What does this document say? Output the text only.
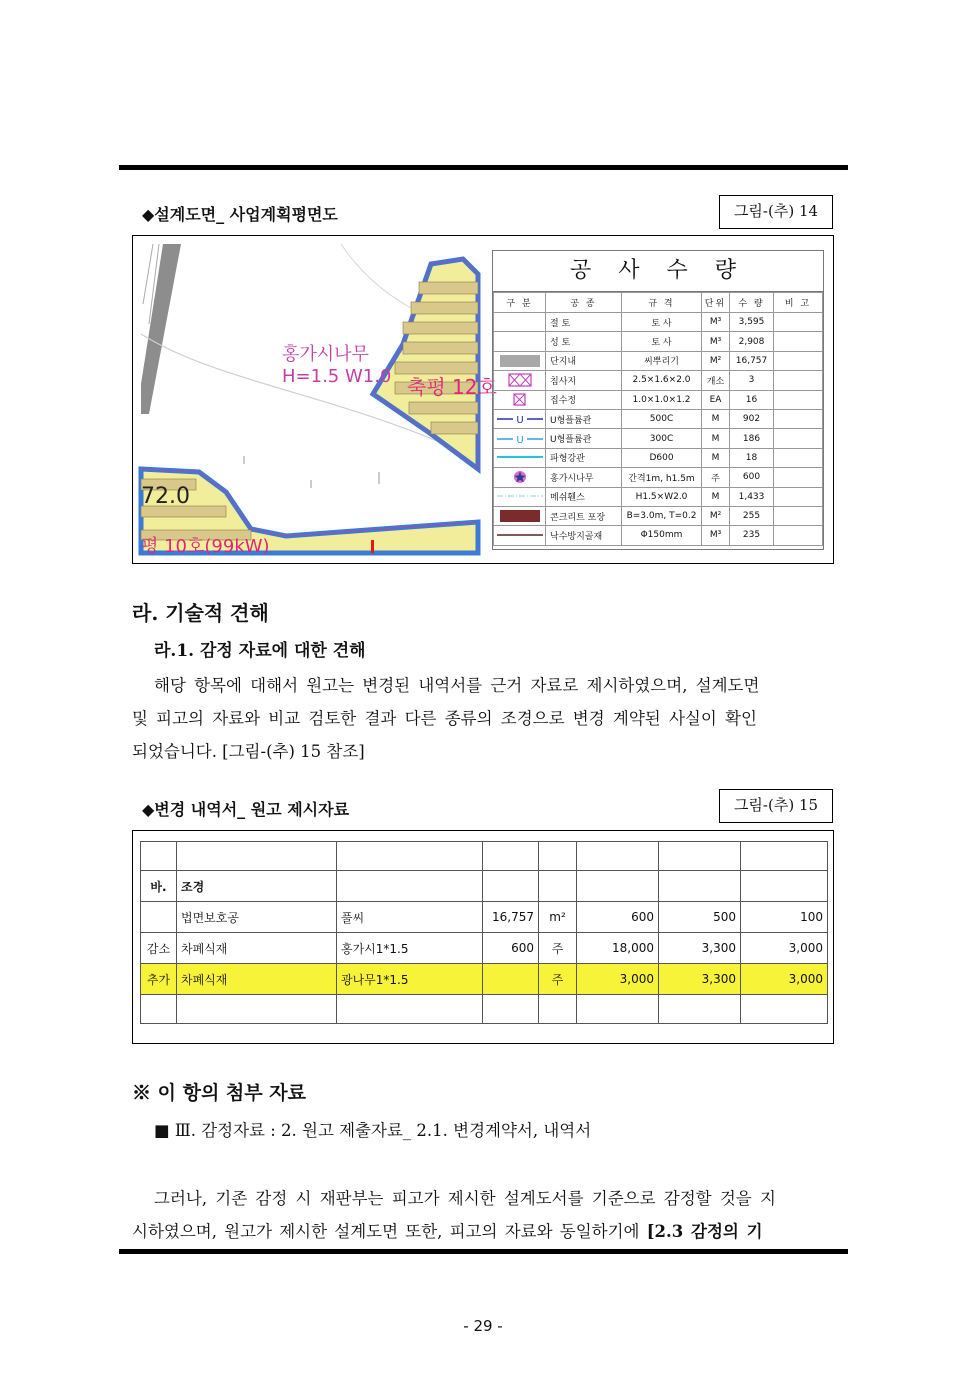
◆설계도면_ 사업계획평면도	그림-(추) 14
홍가시나무
H=1.5 W1.0 축평 12호
72.0
평 10호(99kW)
공 사 수 량
구 분	공 종	규 격	단위	수 량	비 고
	절 토	토 사	M³	3,595	
	성 토	토 사	M³	2,908	
	단지내	씨뿌리기	M²	16,757	
	침사지	2.5×1.6×2.0	개소	3	
	집수정	1.0×1.0×1.2	EA	16	

U	U형플륨관	500C	M	902	

U	U형플륨관	300C	M	186	
	파형강관	D600	M	18	
	홍가시나무	간격1m, h1.5m	주	600	
	메쉬휀스	H1.5×W2.0	M	1,433	
	콘크리트 포장	B=3.0m, T=0.2	M²	255	
	낙수방지골재	Φ150mm	M³	235	
라. 기술적 견해
라.1. 감정 자료에 대한 견해
해당 항목에 대해서 원고는 변경된 내역서를 근거 자료로 제시하였으며, 설계도면
및 피고의 자료와 비교 검토한 결과 다른 종류의 조경으로 변경 계약된 사실이 확인
되었습니다. [그림-(추) 15 참조]
◆변경 내역서_ 원고 제시자료	그림-(추) 15

바.	조경						
	법면보호공	풀씨	16,757	m²	600	500	100
감소	차폐식재	홍가시1*1.5	600	주	18,000	3,300	3,000
추가	차폐식재	광나무1*1.5		주	3,000	3,300	3,000

※ 이 항의 첨부 자료
■ Ⅲ. 감정자료 : 2. 원고 제출자료_ 2.1. 변경계약서, 내역서
그러나, 기존 감정 시 재판부는 피고가 제시한 설계도서를 기준으로 감정할 것을 지
시하였으며, 원고가 제시한 설계도면 또한, 피고의 자료와 동일하기에 [2.3 감정의 기
- 29 -
